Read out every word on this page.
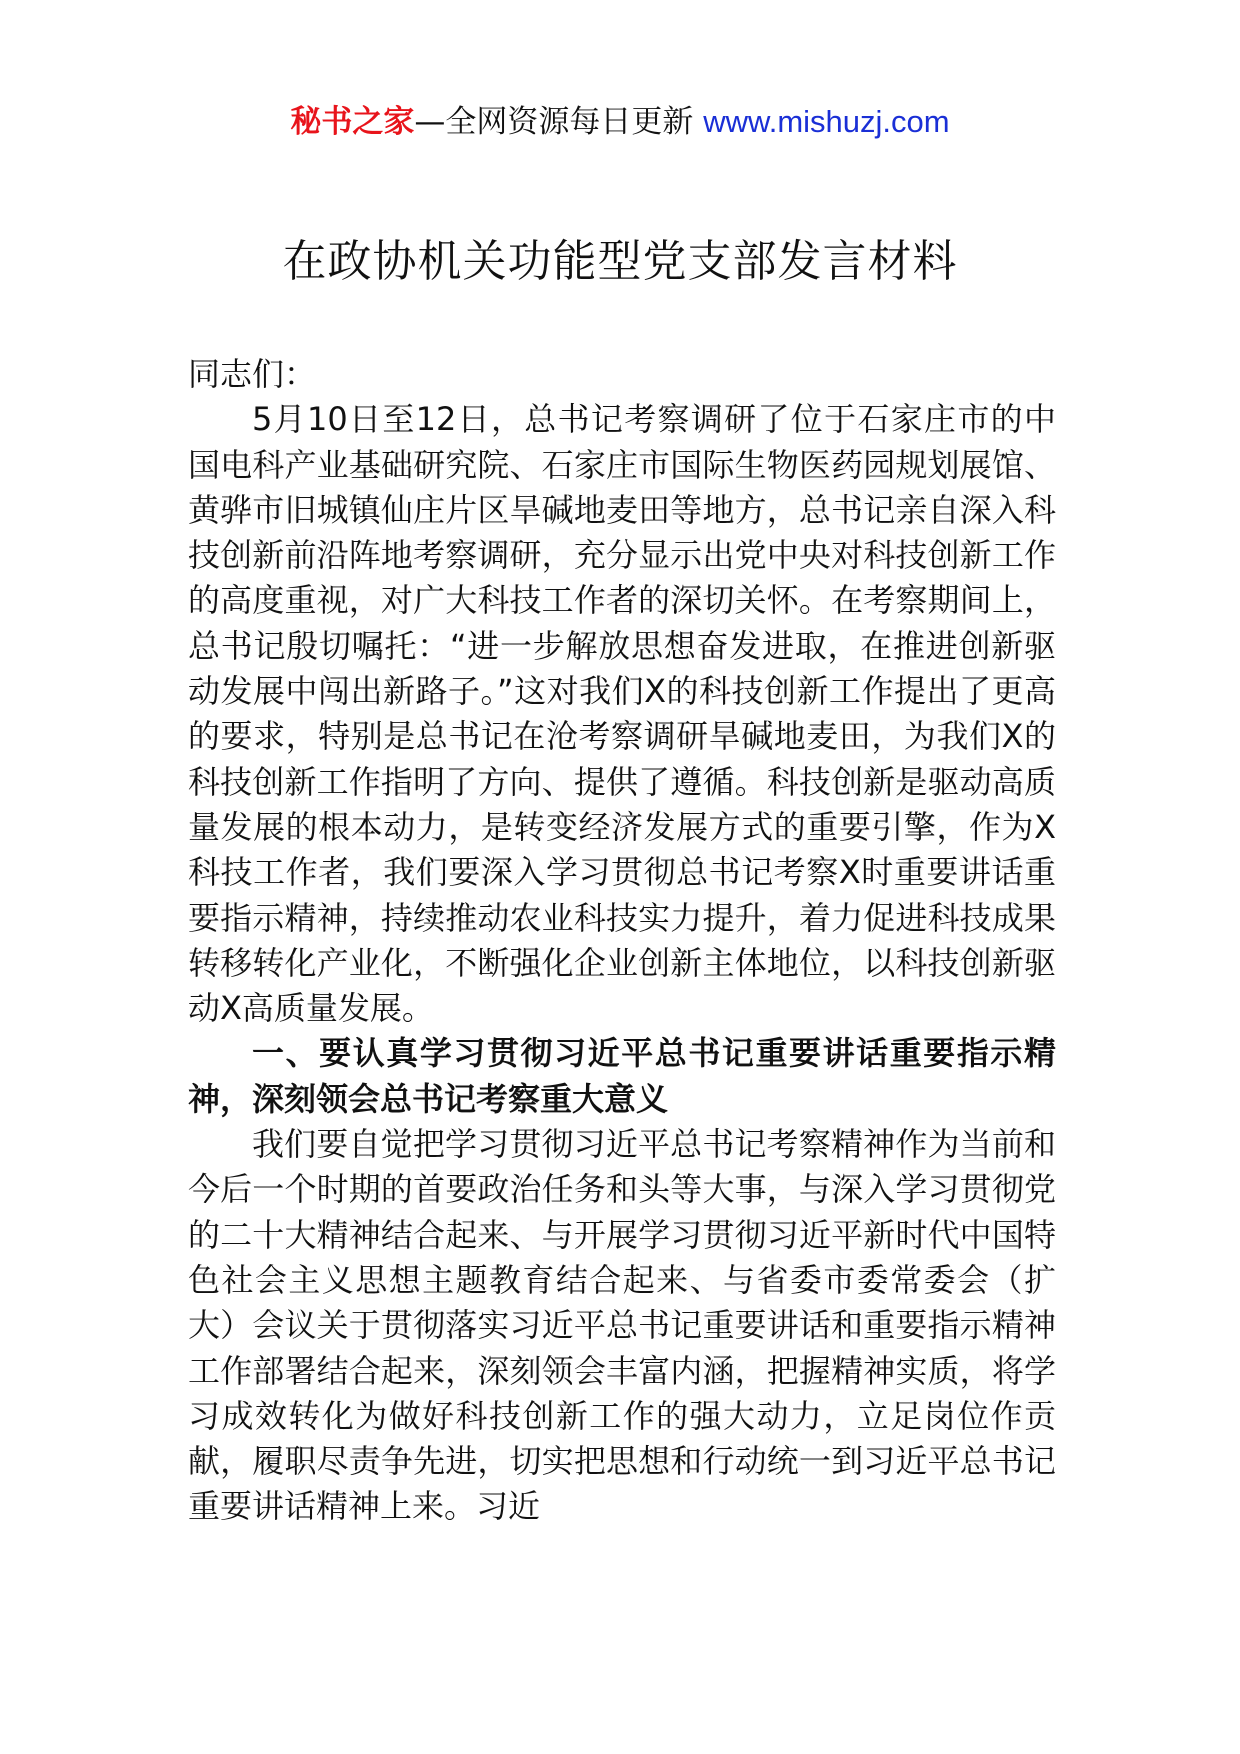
秘书之家—全网资源每日更新 www.mishuzj.com
在政协机关功能型党支部发言材料

同志们：

5月10日至12日，总书记考察调研了位于石家庄市的中国电科产业基础研究院、石家庄市国际生物医药园规划展馆、黄骅市旧城镇仙庄片区旱碱地麦田等地方，总书记亲自深入科技创新前沿阵地考察调研，充分显示出党中央对科技创新工作的高度重视，对广大科技工作者的深切关怀。在考察期间上，总书记殷切嘱托：“进一步解放思想奋发进取，在推进创新驱动发展中闯出新路子。”这对我们X的科技创新工作提出了更高的要求，特别是总书记在沧考察调研旱碱地麦田，为我们X的科技创新工作指明了方向、提供了遵循。科技创新是驱动高质量发展的根本动力，是转变经济发展方式的重要引擎，作为X科技工作者，我们要深入学习贯彻总书记考察X时重要讲话重要指示精神，持续推动农业科技实力提升，着力促进科技成果转移转化产业化，不断强化企业创新主体地位，以科技创新驱动X高质量发展。

一、要认真学习贯彻习近平总书记重要讲话重要指示精神，深刻领会总书记考察重大意义

我们要自觉把学习贯彻习近平总书记考察精神作为当前和今后一个时期的首要政治任务和头等大事，与深入学习贯彻党的二十大精神结合起来、与开展学习贯彻习近平新时代中国特色社会主义思想主题教育结合起来、与省委市委常委会（扩大）会议关于贯彻落实习近平总书记重要讲话和重要指示精神工作部署结合起来，深刻领会丰富内涵，把握精神实质，将学习成效转化为做好科技创新工作的强大动力，立足岗位作贡献，履职尽责争先进，切实把思想和行动统一到习近平总书记重要讲话精神上来。习近
